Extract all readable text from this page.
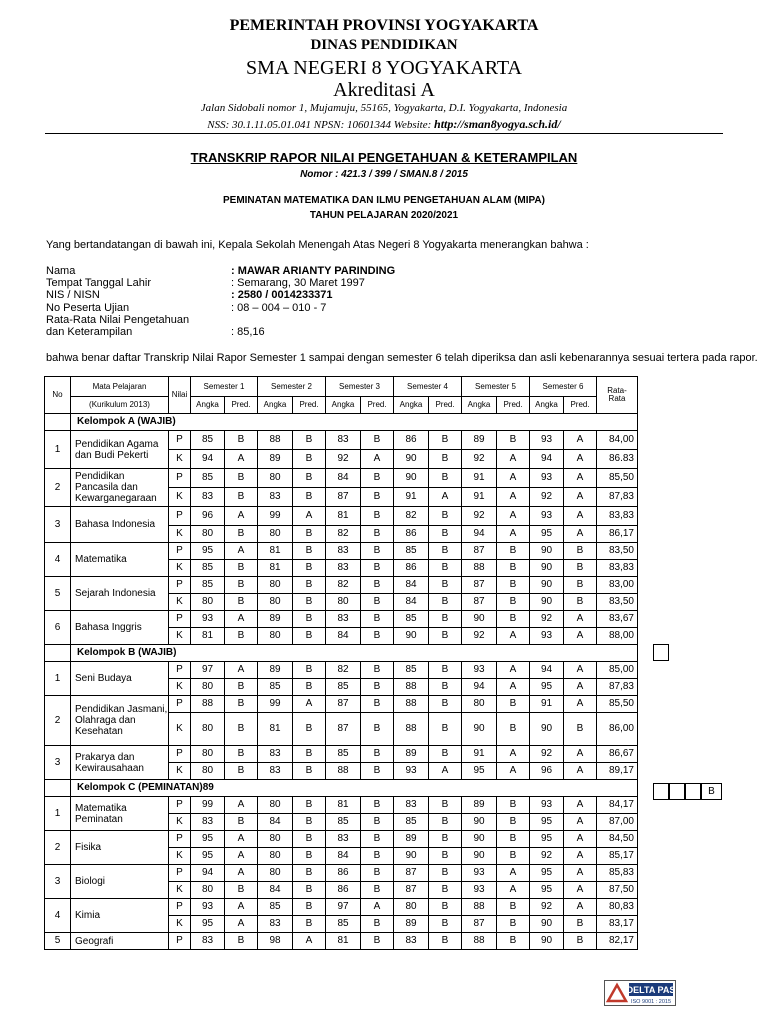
PEMERINTAH PROVINSI YOGYAKARTA
DINAS PENDIDIKAN
SMA NEGERI 8 YOGYAKARTA
Akreditasi A
Jalan Sidobali nomor 1, Mujamuju, 55165, Yogyakarta, D.I. Yogyakarta, Indonesia
NSS: 30.1.11.05.01.041 NPSN: 10601344 Website: http://sman8yogya.sch.id/
TRANSKRIP RAPOR NILAI PENGETAHUAN & KETERAMPILAN
Nomor : 421.3 / 399 / SMAN.8 / 2015
PEMINATAN MATEMATIKA DAN ILMU PENGETAHUAN ALAM (MIPA)
TAHUN PELAJARAN 2020/2021
Yang bertandatangan di bawah ini, Kepala Sekolah Menengah Atas Negeri 8 Yogyakarta menerangkan bahwa :
Nama	: MAWAR ARIANTY PARINDING
Tempat Tanggal Lahir	: Semarang, 30 Maret 1997
NIS / NISN	: 2580 / 0014233371
No Peserta Ujian	: 08 – 004 – 010 - 7
Rata-Rata Nilai Pengetahuan
dan Keterampilan	: 85,16
bahwa benar daftar Transkrip Nilai Rapor Semester 1 sampai dengan semester 6 telah diperiksa dan asli kebenarannya sesuai tertera pada rapor.
No	Mata Pelajaran	Nilai	Semester 1		Semester 2		Semester 3		Semester 4		Semester 5		Semester 6		Rata-
Rata
	(Kurikulum 2013)		Angka	Pred.	Angka	Pred.	Angka	Pred.	Angka	Pred.	Angka	Pred.	Angka	Pred.	
	Kelompok A (WAJIB)														
1	Pendidikan Agama dan Budi Pekerti	P	85	B	88	B	83	B	86	B	89	B	93	A	84,00
		K	94	A	89	B	92	A	90	B	92	A	94	A	86.83
2	Pendidikan Pancasila dan Kewarganegaraan	P	85	B	80	B	84	B	90	B	91	A	93	A	85,50
		K	83	B	83	B	87	B	91	A	91	A	92	A	87,83
3	Bahasa Indonesia	P	96	A	99	A	81	B	82	B	92	A	93	A	83,83
		K	80	B	80	B	82	B	86	B	94	A	95	A	86,17
4	Matematika	P	95	A	81	B	83	B	85	B	87	B	90	B	83,50
		K	85	B	81	B	83	B	86	B	88	B	90	B	83,83
5	Sejarah Indonesia	P	85	B	80	B	82	B	84	B	87	B	90	B	83,00
		K	80	B	80	B	80	B	84	B	87	B	90	B	83,50
6	Bahasa Inggris	P	93	A	89	B	83	B	85	B	90	B	92	A	83,67
		K	81	B	80	B	84	B	90	B	92	A	93	A	88,00
	Kelompok B (WAJIB)														
1	Seni Budaya	P	97	A	89	B	82	B	85	B	93	A	94	A	85,00
		K	80	B	85	B	85	B	88	B	94	A	95	A	87,83
2	Pendidikan Jasmani, Olahraga dan Kesehatan	P	88	B	99	A	87	B	88	B	80	B	91	A	85,50
		K	80	B	81	B	87	B	88	B	90	B	90	B	86,00
3	Prakarya dan Kewirausahaan	P	80	B	83	B	85	B	89	B	91	A	92	A	86,67
		K	80	B	83	B	88	B	93	A	95	A	96	A	89,17
	Kelompok C (PEMINATAN)89														
1	Matematika Peminatan	P	99	A	80	B	81	B	83	B	89	B	93	A	84,17
		K	83	B	84	B	85	B	85	B	90	B	95	A	87,00
2	Fisika	P	95	A	80	B	83	B	89	B	90	B	95	A	84,50
		K	95	A	80	B	84	B	90	B	90	B	92	A	85,17
3	Biologi	P	94	A	80	B	86	B	87	B	93	A	95	A	85,83
		K	80	B	84	B	86	B	87	B	93	A	95	A	87,50
4	Kimia	P	93	A	85	B	97	A	80	B	88	B	92	A	80,83
		K	95	A	83	B	85	B	89	B	87	B	90	B	83,17
5	Geografi	P	83	B	98	A	81	B	83	B	88	B	90	B	82,17
B
DELTA PAS
ISO 9001 : 2015
